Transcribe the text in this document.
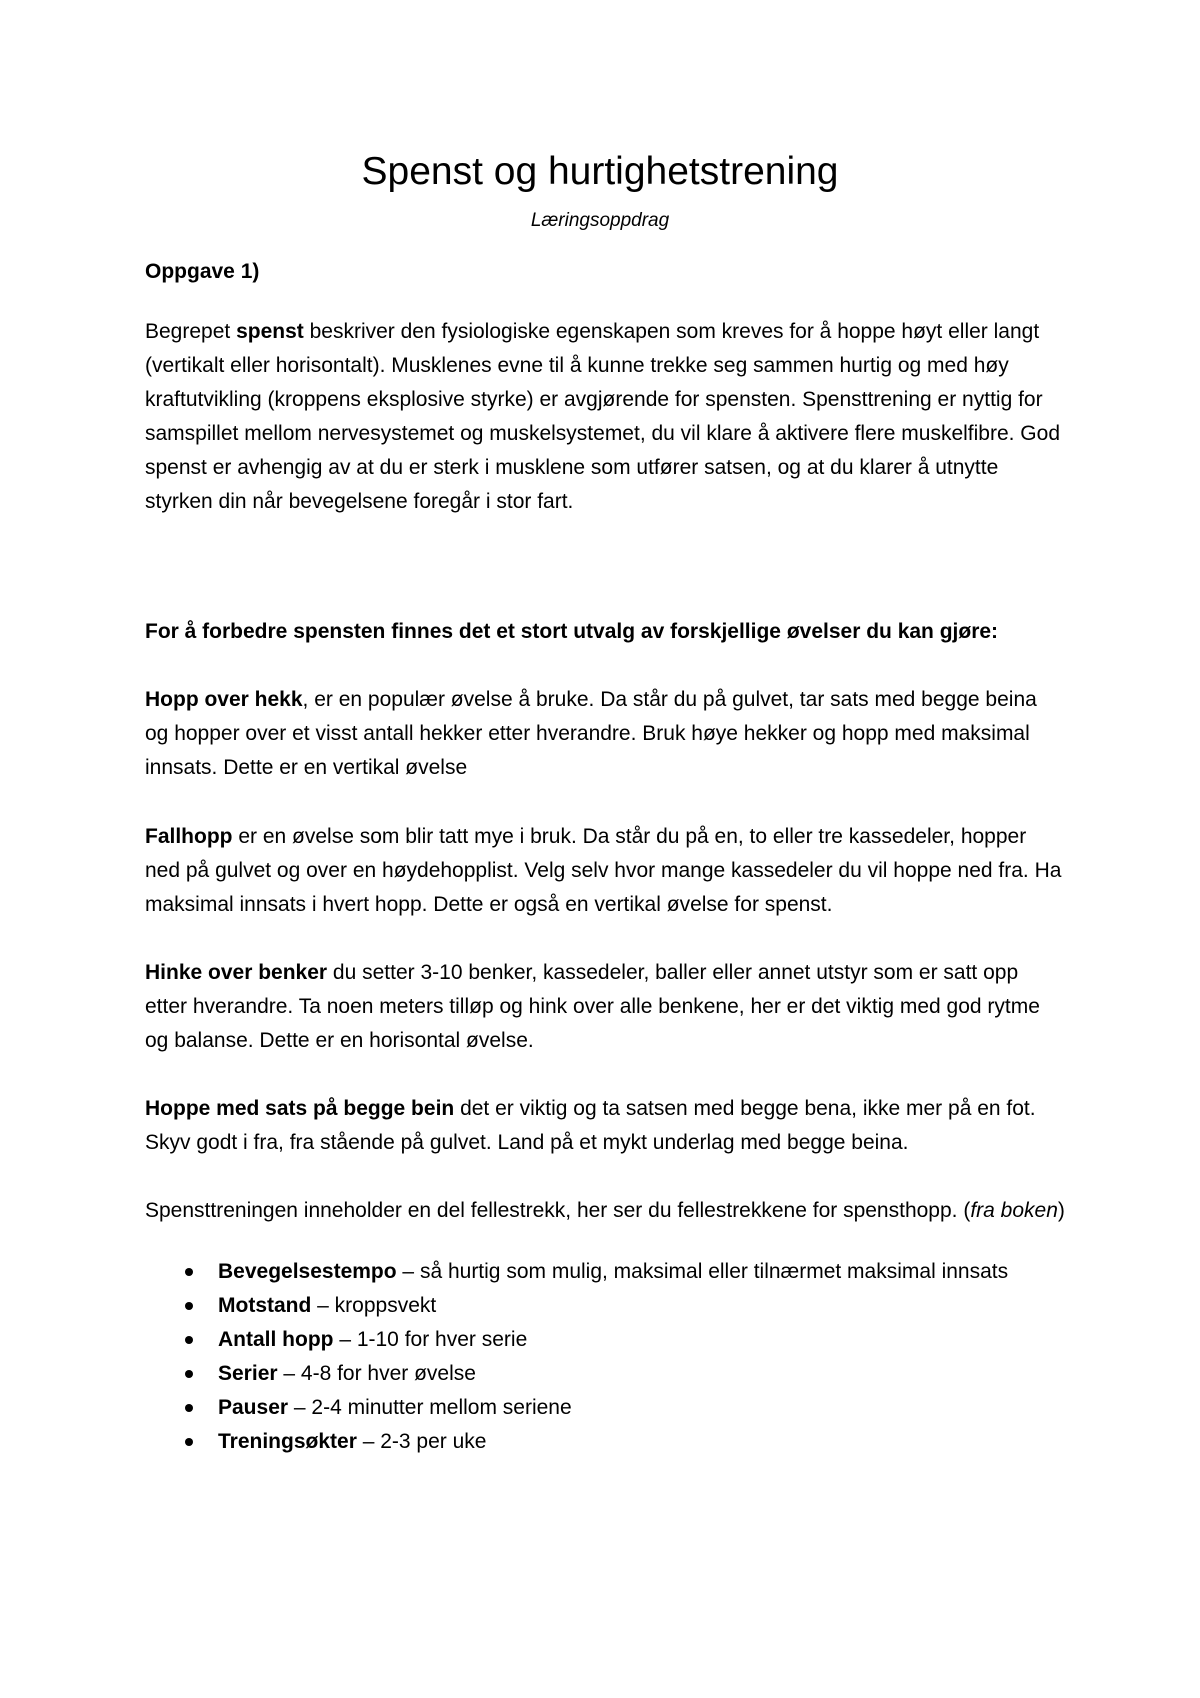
Spenst og hurtighetstrening

Læringsoppdrag

Oppgave 1)

Begrepet spenst beskriver den fysiologiske egenskapen som kreves for å hoppe høyt eller langt (vertikalt eller horisontalt). Musklenes evne til å kunne trekke seg sammen hurtig og med høy kraftutvikling (kroppens eksplosive styrke) er avgjørende for spensten. Spensttrening er nyttig for samspillet mellom nervesystemet og muskelsystemet, du vil klare å aktivere flere muskelfibre. God spenst er avhengig av at du er sterk i musklene som utfører satsen, og at du klarer å utnytte styrken din når bevegelsene foregår i stor fart.

For å forbedre spensten finnes det et stort utvalg av forskjellige øvelser du kan gjøre:

Hopp over hekk, er en populær øvelse å bruke. Da står du på gulvet, tar sats med begge beina og hopper over et visst antall hekker etter hverandre. Bruk høye hekker og hopp med maksimal innsats. Dette er en vertikal øvelse

Fallhopp er en øvelse som blir tatt mye i bruk. Da står du på en, to eller tre kassedeler, hopper ned på gulvet og over en høydehopplist. Velg selv hvor mange kassedeler du vil hoppe ned fra. Ha maksimal innsats i hvert hopp. Dette er også en vertikal øvelse for spenst.

Hinke over benker du setter 3-10 benker, kassedeler, baller eller annet utstyr som er satt opp etter hverandre. Ta noen meters tilløp og hink over alle benkene, her er det viktig med god rytme og balanse. Dette er en horisontal øvelse.

Hoppe med sats på begge bein det er viktig og ta satsen med begge bena, ikke mer på en fot. Skyv godt i fra, fra stående på gulvet. Land på et mykt underlag med begge beina.

Spensttreningen inneholder en del fellestrekk, her ser du fellestrekkene for spensthopp. (fra boken)

Bevegelsestempo – så hurtig som mulig, maksimal eller tilnærmet maksimal innsats
Motstand – kroppsvekt
Antall hopp – 1-10 for hver serie
Serier – 4-8 for hver øvelse
Pauser – 2-4 minutter mellom seriene
Treningsøkter – 2-3 per uke
